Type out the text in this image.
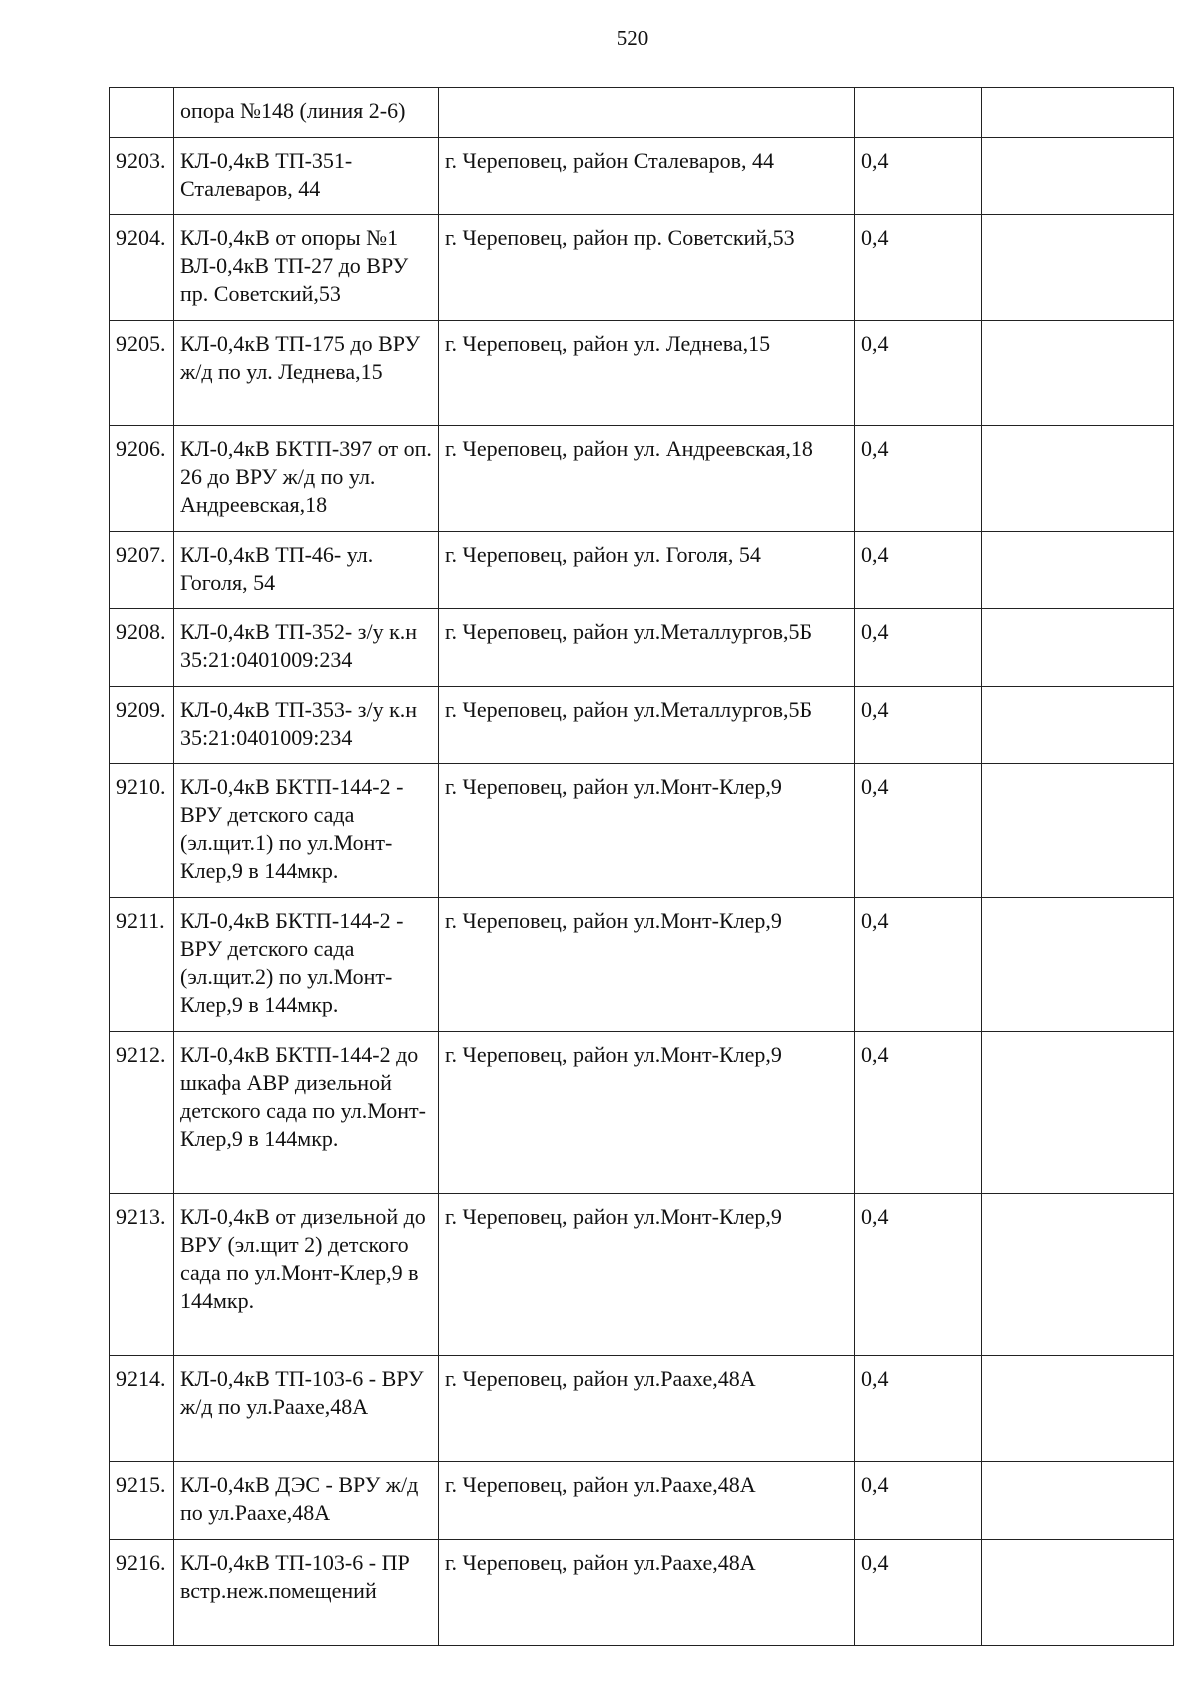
520
	опора №148 (линия 2-6)			
9203.	КЛ-0,4кВ ТП-351-Сталеваров, 44	г. Череповец, район Сталеваров, 44	0,4	
9204.	КЛ-0,4кВ от опоры №1 ВЛ-0,4кВ ТП-27 до ВРУ пр. Советский,53	г. Череповец, район пр. Советский,53	0,4	
9205.	КЛ-0,4кВ ТП-175 до ВРУ ж/д по ул. Леднева,15	г. Череповец, район ул. Леднева,15	0,4	
9206.	КЛ-0,4кВ БКТП-397 от оп. 26 до ВРУ ж/д по ул. Андреевская,18	г. Череповец, район ул. Андреевская,18	0,4	
9207.	КЛ-0,4кВ ТП-46- ул. Гоголя, 54	г. Череповец, район ул. Гоголя, 54	0,4	
9208.	КЛ-0,4кВ ТП-352- з/у к.н 35:21:0401009:234	г. Череповец, район ул.Металлургов,5Б	0,4	
9209.	КЛ-0,4кВ ТП-353- з/у к.н 35:21:0401009:234	г. Череповец, район ул.Металлургов,5Б	0,4	
9210.	КЛ-0,4кВ БКТП-144-2 - ВРУ детского сада (эл.щит.1) по ул.Монт-Клер,9 в 144мкр.	г. Череповец, район ул.Монт-Клер,9	0,4	
9211.	КЛ-0,4кВ БКТП-144-2 - ВРУ детского сада (эл.щит.2) по ул.Монт-Клер,9 в 144мкр.	г. Череповец, район ул.Монт-Клер,9	0,4	
9212.	КЛ-0,4кВ БКТП-144-2 до шкафа АВР дизельной детского сада по ул.Монт-Клер,9 в 144мкр.	г. Череповец, район ул.Монт-Клер,9	0,4	
9213.	КЛ-0,4кВ от дизельной до ВРУ (эл.щит 2) детского сада по ул.Монт-Клер,9 в 144мкр.	г. Череповец, район ул.Монт-Клер,9	0,4	
9214.	КЛ-0,4кВ ТП-103-6 - ВРУ ж/д по ул.Раахе,48А	г. Череповец, район ул.Раахе,48А	0,4	
9215.	КЛ-0,4кВ ДЭС - ВРУ ж/д по ул.Раахе,48А	г. Череповец, район ул.Раахе,48А	0,4	
9216.	КЛ-0,4кВ ТП-103-6 - ПР встр.неж.помещений	г. Череповец, район ул.Раахе,48А	0,4	
